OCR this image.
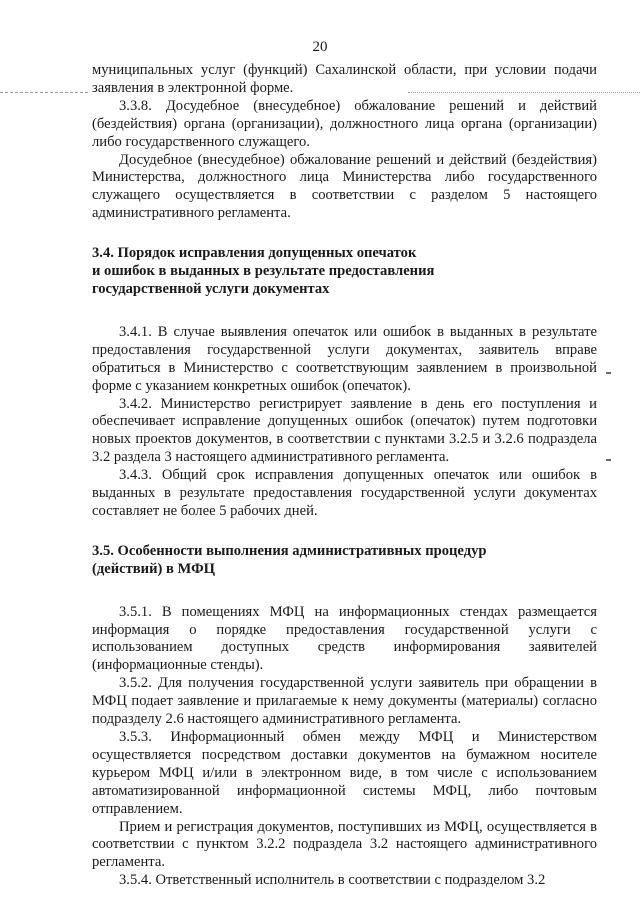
20

муниципальных услуг (функций) Сахалинской области, при условии подачи заявления в электронной форме.

3.3.8. Досудебное (внесудебное) обжалование решений и действий (бездействия) органа (организации), должностного лица органа (организации) либо государственного служащего.

Досудебное (внесудебное) обжалование решений и действий (бездействия) Министерства, должностного лица Министерства либо государственного служащего осуществляется в соответствии с разделом 5 настоящего административного регламента.

3.4. Порядок исправления допущенных опечаток

и ошибок в выданных в результате предоставления

государственной услуги документах

3.4.1. В случае выявления опечаток или ошибок в выданных в результате предоставления государственной услуги документах, заявитель вправе обратиться в Министерство с соответствующим заявлением в произвольной форме с указанием конкретных ошибок (опечаток).

3.4.2. Министерство регистрирует заявление в день его поступления и обеспечивает исправление допущенных ошибок (опечаток) путем подготовки новых проектов документов, в соответствии с пунктами 3.2.5 и 3.2.6 подраздела 3.2 раздела 3 настоящего административного регламента.

3.4.3. Общий срок исправления допущенных опечаток или ошибок в выданных в результате предоставления государственной услуги документах составляет не более 5 рабочих дней.

3.5. Особенности выполнения административных процедур

(действий) в МФЦ

3.5.1. В помещениях МФЦ на информационных стендах размещается информация о порядке предоставления государственной услуги с использованием доступных средств информирования заявителей (информационные стенды).

3.5.2. Для получения государственной услуги заявитель при обращении в МФЦ подает заявление и прилагаемые к нему документы (материалы) согласно подразделу 2.6 настоящего административного регламента.

3.5.3. Информационный обмен между МФЦ и Министерством осуществляется посредством доставки документов на бумажном носителе курьером МФЦ и/или в электронном виде, в том числе с использованием автоматизированной информационной системы МФЦ, либо почтовым отправлением.

Прием и регистрация документов, поступивших из МФЦ, осуществляется в соответствии с пунктом 3.2.2 подраздела 3.2 настоящего административного регламента.

3.5.4. Ответственный исполнитель в соответствии с подразделом 3.2
